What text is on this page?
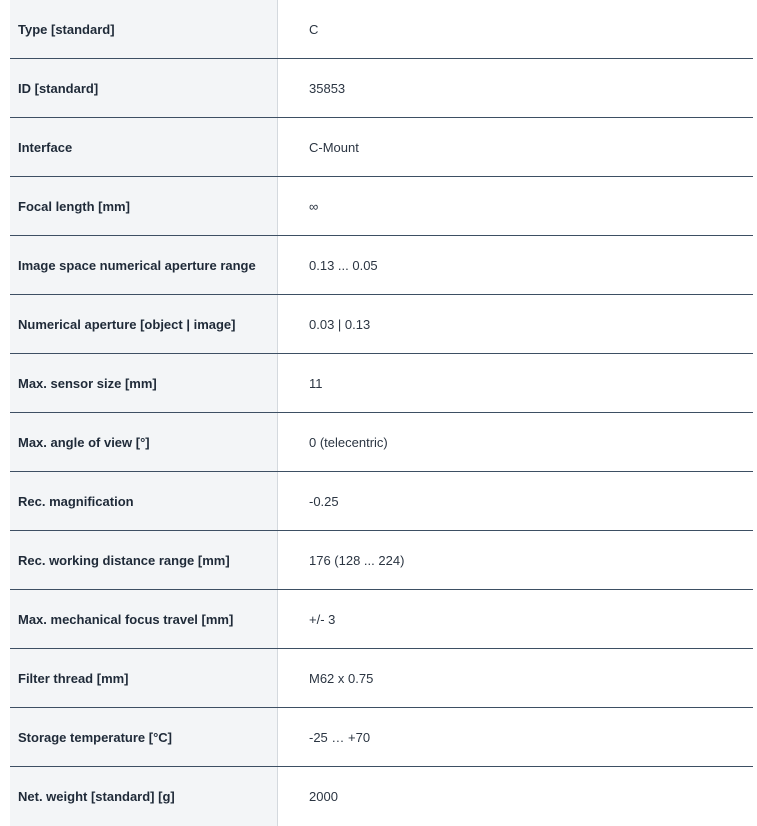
Type [standard]	C
ID [standard]	35853
Interface	C-Mount
Focal length [mm]	∞
Image space numerical aperture range	0.13 ... 0.05
Numerical aperture [object | image]	0.03 | 0.13
Max. sensor size [mm]	11
Max. angle of view [°]	0 (telecentric)
Rec. magnification	-0.25
Rec. working distance range [mm]	176 (128 ... 224)
Max. mechanical focus travel [mm]	+/- 3
Filter thread [mm]	M62 x 0.75
Storage temperature [°C]	-25 … +70
Net. weight [standard] [g]	2000
